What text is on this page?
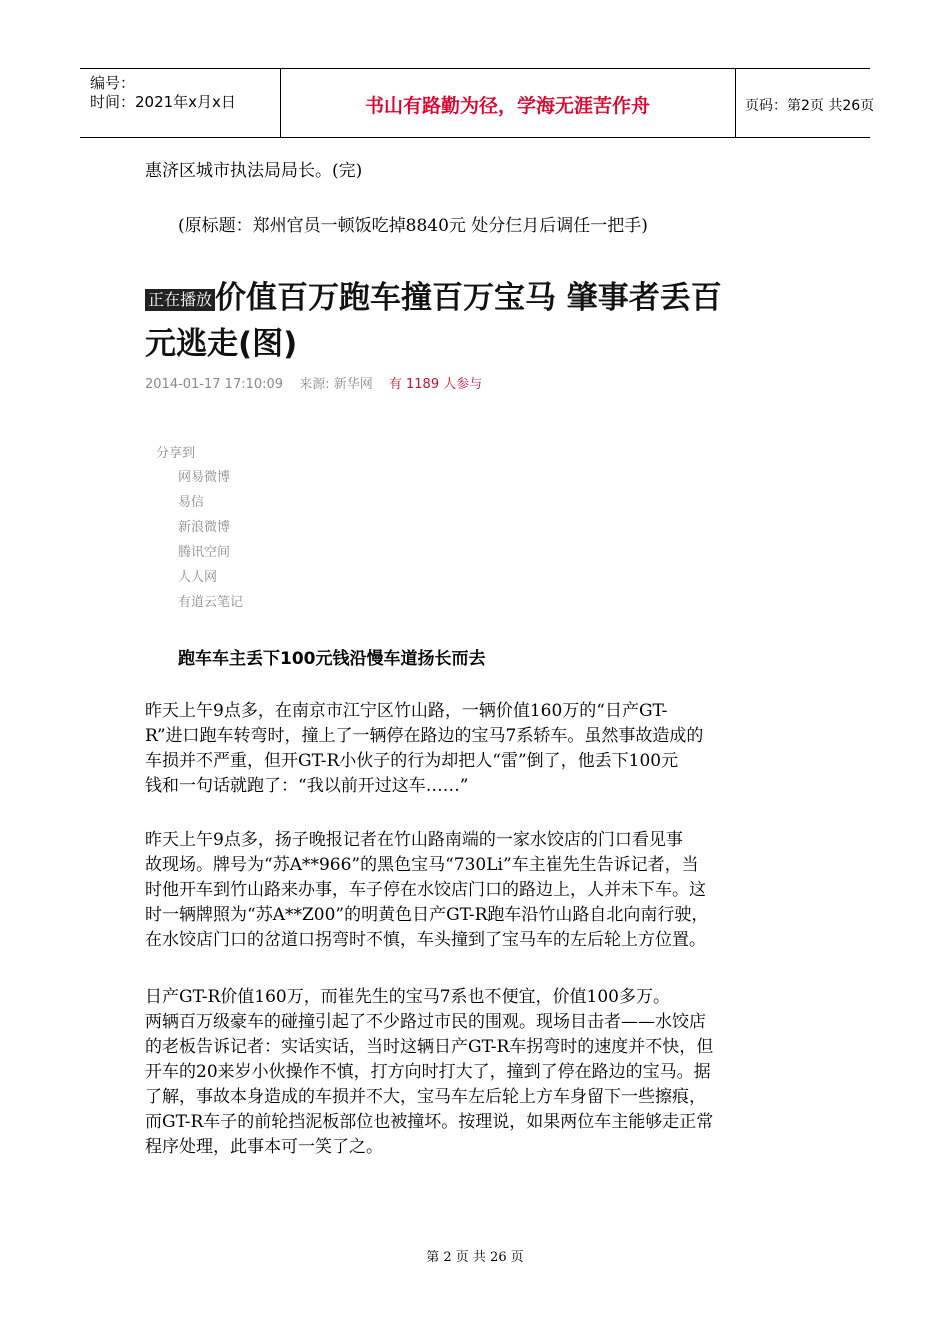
编号：
时间：2021年x月x日	书山有路勤为径，学海无涯苦作舟	页码：第2页 共26页
惠济区城市执法局局长。(完)
(原标题：郑州官员一顿饭吃掉8840元 处分仨月后调任一把手)
正在播放价值百万跑车撞百万宝马 肇事者丢百
元逃走(图)
2014-01-17 17:10:09 来源: 新华网 有 1189 人参与
分享到
网易微博
易信
新浪微博
腾讯空间
人人网
有道云笔记
跑车车主丢下100元钱沿慢车道扬长而去
昨天上午9点多，在南京市江宁区竹山路，一辆价值160万的“日产GT-
R”进口跑车转弯时，撞上了一辆停在路边的宝马7系轿车。虽然事故造成的
车损并不严重，但开GT-R小伙子的行为却把人“雷”倒了，他丢下100元
钱和一句话就跑了：“我以前开过这车……”
昨天上午9点多，扬子晚报记者在竹山路南端的一家水饺店的门口看见事
故现场。牌号为“苏A**966”的黑色宝马“730Li”车主崔先生告诉记者，当
时他开车到竹山路来办事，车子停在水饺店门口的路边上，人并未下车。这
时一辆牌照为“苏A**Z00”的明黄色日产GT-R跑车沿竹山路自北向南行驶，
在水饺店门口的岔道口拐弯时不慎，车头撞到了宝马车的左后轮上方位置。
日产GT-R价值160万，而崔先生的宝马7系也不便宜，价值100多万。
两辆百万级豪车的碰撞引起了不少路过市民的围观。现场目击者——水饺店
的老板告诉记者：实话实话，当时这辆日产GT-R车拐弯时的速度并不快，但
开车的20来岁小伙操作不慎，打方向时打大了，撞到了停在路边的宝马。据
了解，事故本身造成的车损并不大，宝马车左后轮上方车身留下一些擦痕，
而GT-R车子的前轮挡泥板部位也被撞坏。按理说，如果两位车主能够走正常
程序处理，此事本可一笑了之。
第 2 页 共 26 页
